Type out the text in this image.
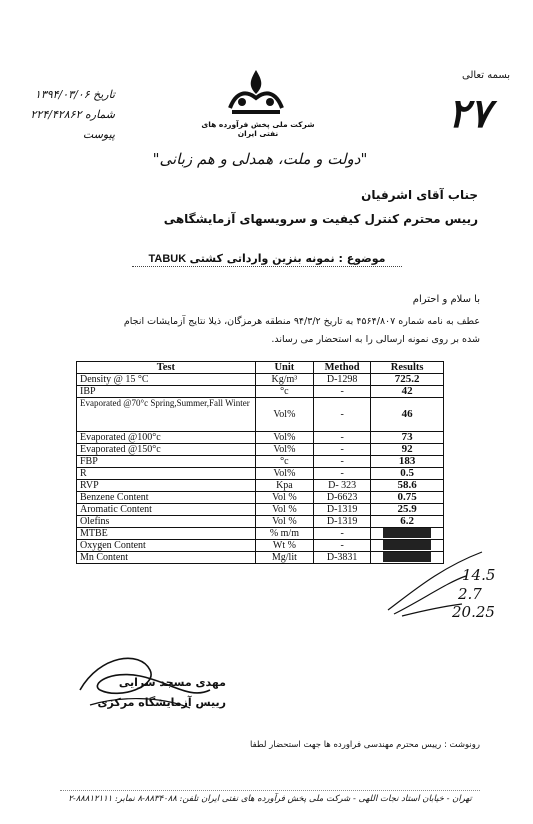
بسمه تعالی
۲۷
تاریخ ۱۳۹۴/۰۳/۰۶
شماره ۲۲۴/۴۲۸۶۲
پیوست
شرکت ملی پخش فرآورده های نفتی ایران
"دولت و ملت، همدلی و هم زبانی"
جناب آقای اشرفیان
رییس محترم کنترل کیفیت و سرویسهای آزمایشگاهی
TABUK موضوع : نمونه بنزین وارداتی کشتی
با سلام و احترام
عطف به نامه شماره ۴۵۶۴/۸۰۷ به تاریخ ۹۴/۳/۲ منطقه هرمزگان، ذیلا نتایج آزمایشات انجام
شده بر روی نمونه ارسالی را به استحضار می رساند.
Test	Unit	Method	Results
Density @ 15 °C	Kg/m³	D-1298	725.2
IBP	°c	-	42
Evaporated @70°c Spring,Summer,Fall Winter	Vol%	-	46
Evaporated @100°c	Vol%	-	73
Evaporated @150°c	Vol%	-	92
FBP	°c	-	183
R	Vol%	-	0.5
RVP	Kpa	D- 323	58.6
Benzene Content	Vol %	D-6623	0.75
Aromatic Content	Vol %	D-1319	25.9
Olefins	Vol %	D-1319	6.2
MTBE	% m/m	-	
Oxygen Content	Wt %	-	
Mn Content	Mg/lit	D-3831	
14.5
2.7
20.25
مهدی مسجد سرایی
رییس آزمایشگاه مرکزی
رونوشت : رییس محترم مهندسی فراورده ها جهت استحضار لطفا
تهران - خیابان استاد نجات اللهی - شرکت ملی پخش فرآورده های نفتی ایران تلفن: ۸۸۳۴۰۸۸-۸ نمابر: ۸۸۸۱۲۱۱۱-۲
